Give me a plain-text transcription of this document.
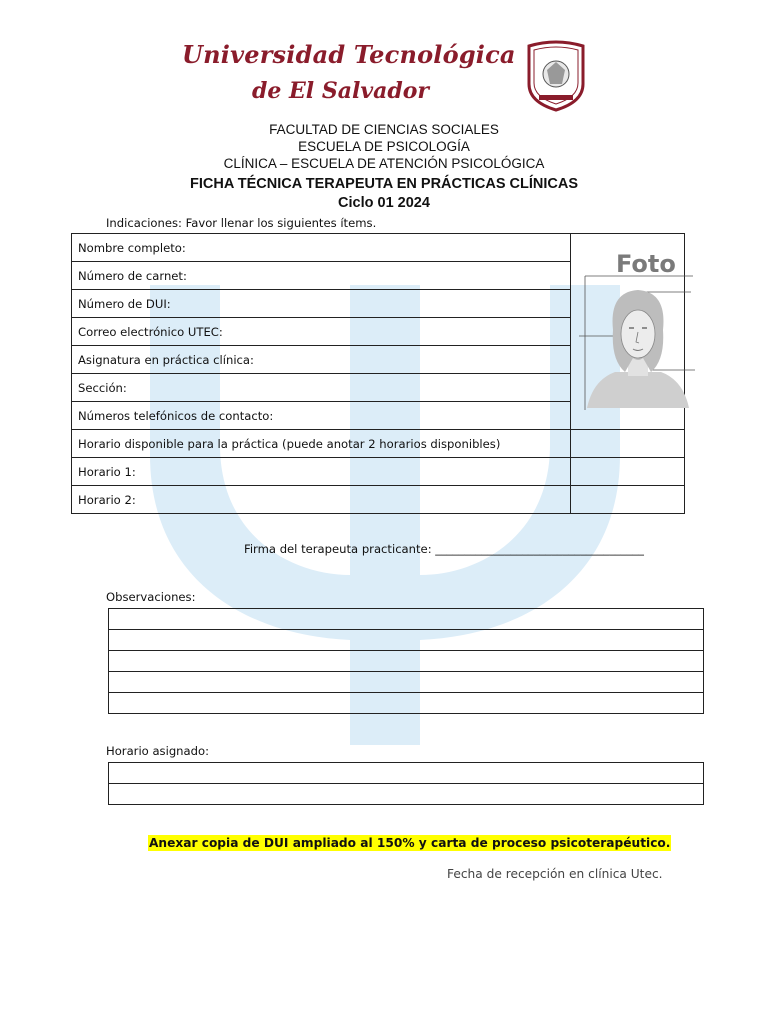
Universidad Tecnológica
de El Salvador
FACULTAD DE CIENCIAS SOCIALES
ESCUELA DE PSICOLOGÍA
CLÍNICA – ESCUELA DE ATENCIÓN PSICOLÓGICA
FICHA TÉCNICA TERAPEUTA EN PRÁCTICAS CLÍNICAS
Ciclo 01 2024
Indicaciones: Favor llenar los siguientes ítems.
Nombre completo:	Foto

Número de carnet:	
Número de DUI:	
Correo electrónico UTEC:	
Asignatura en práctica clínica:	
Sección:	
Números telefónicos de contacto:	
Horario disponible para la práctica (puede anotar 2 horarios disponibles)	
Horario 1:	
Horario 2:	
Firma del terapeuta practicante: ____________________________________
Observaciones:

Horario asignado:

Anexar copia de DUI ampliado al 150% y carta de proceso psicoterapéutico.
Fecha de recepción en clínica Utec.
